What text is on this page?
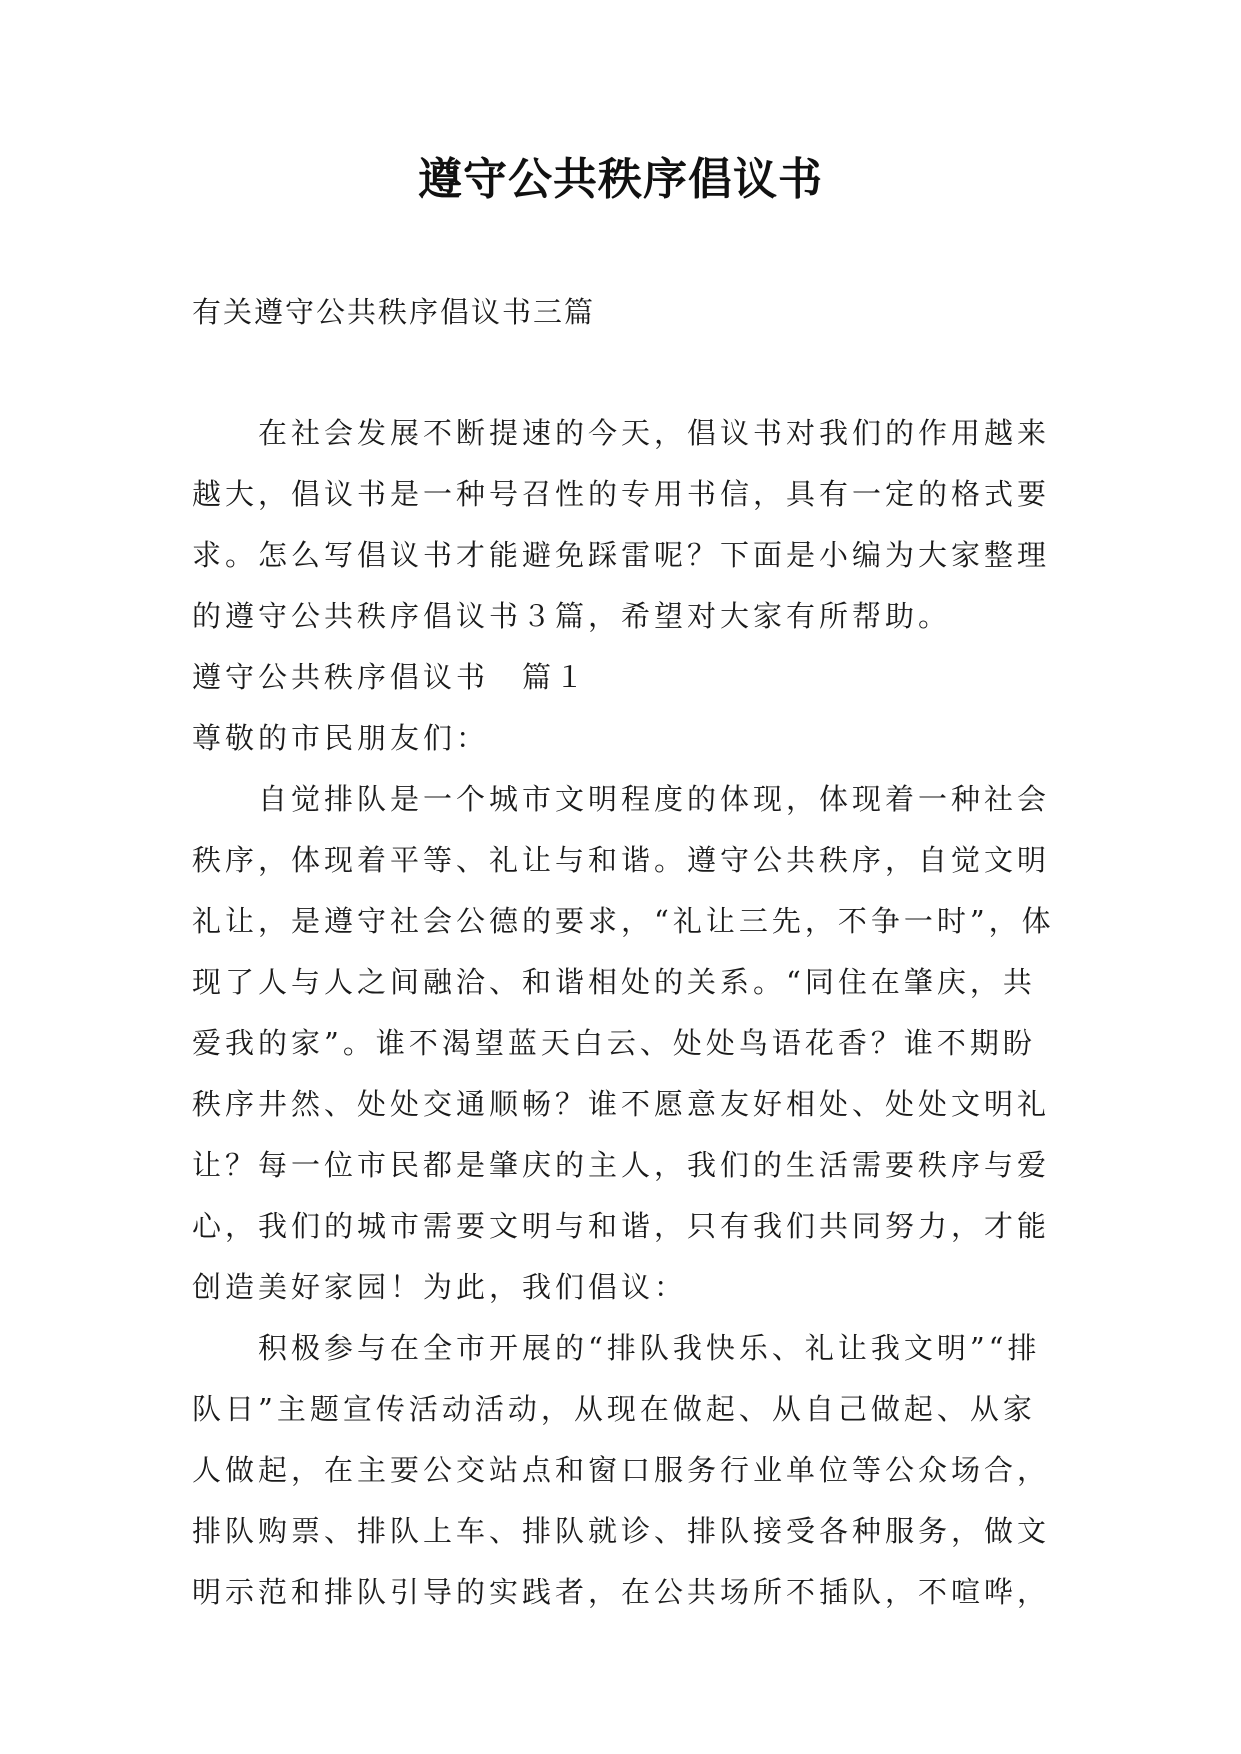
遵守公共秩序倡议书
有关遵守公共秩序倡议书三篇
在社会发展不断提速的今天，倡议书对我们的作用越来
越大，倡议书是一种号召性的专用书信，具有一定的格式要
求。怎么写倡议书才能避免踩雷呢？下面是小编为大家整理
的遵守公共秩序倡议书３篇，希望对大家有所帮助。
遵守公共秩序倡议书　篇１
尊敬的市民朋友们：
自觉排队是一个城市文明程度的体现，体现着一种社会
秩序，体现着平等、礼让与和谐。遵守公共秩序，自觉文明
礼让，是遵守社会公德的要求，“礼让三先，不争一时”，体
现了人与人之间融洽、和谐相处的关系。“同住在肇庆，共
爱我的家”。谁不渴望蓝天白云、处处鸟语花香？谁不期盼
秩序井然、处处交通顺畅？谁不愿意友好相处、处处文明礼
让？每一位市民都是肇庆的主人，我们的生活需要秩序与爱
心，我们的城市需要文明与和谐，只有我们共同努力，才能
创造美好家园！为此，我们倡议：
积极参与在全市开展的“排队我快乐、礼让我文明”“排
队日”主题宣传活动活动，从现在做起、从自己做起、从家
人做起，在主要公交站点和窗口服务行业单位等公众场合，
排队购票、排队上车、排队就诊、排队接受各种服务，做文
明示范和排队引导的实践者，在公共场所不插队，不喧哗，
